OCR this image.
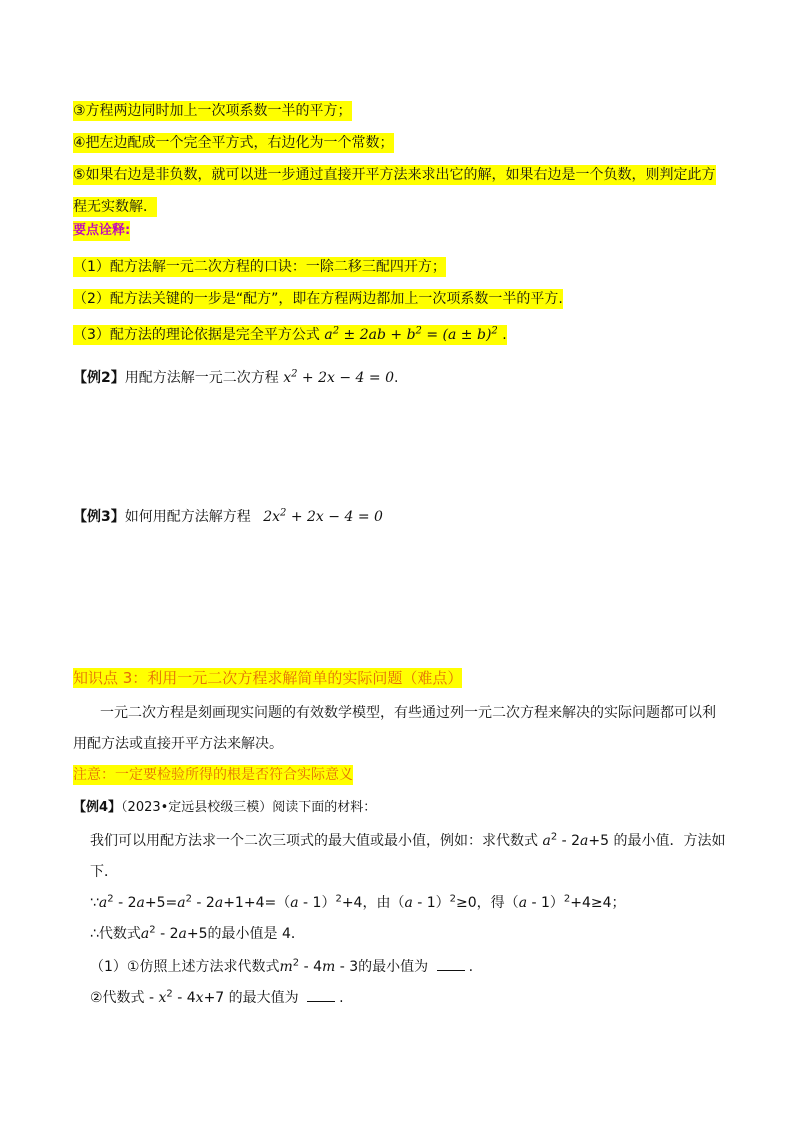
③方程两边同时加上一次项系数一半的平方；
④把左边配成一个完全平方式，右边化为一个常数；
⑤如果右边是非负数，就可以进一步通过直接开平方法来求出它的解，如果右边是一个负数，则判定此方
程无实数解．
要点诠释:
（1）配方法解一元二次方程的口诀：一除二移三配四开方；
（2）配方法关键的一步是“配方”，即在方程两边都加上一次项系数一半的平方.
（3）配方法的理论依据是完全平方公式 $a^2 \pm 2ab + b^2 = (a \pm b)^2$ .
【例2】用配方法解一元二次方程 $x^2 + 2x - 4 = 0$.
【例3】如何用配方法解方程 $2x^2 + 2x - 4 = 0$
知识点 3：利用一元二次方程求解简单的实际问题（难点）
一元二次方程是刻画现实问题的有效数学模型，有些通过列一元二次方程来解决的实际问题都可以利
用配方法或直接开平方法来解决。
注意：一定要检验所得的根是否符合实际意义
【例4】（2023•定远县校级三模）阅读下面的材料：
我们可以用配方法求一个二次三项式的最大值或最小值，例如：求代数式 $a^2 - 2a+5$ 的最小值．方法如
下．
$\because a^2 - 2a+5=a^2 - 2a+1+4=(a - 1)^2+4$，由（a - 1）$^2$≥0，得（a - 1）$^2$+4≥4；
∴代数式$a^2 - 2a+5$的最小值是 4．
（1）①仿照上述方法求代数式$m^2 - 4m - 3$的最小值为	.
②代数式 - $x^2 - 4x+7$ 的最大值为	.
